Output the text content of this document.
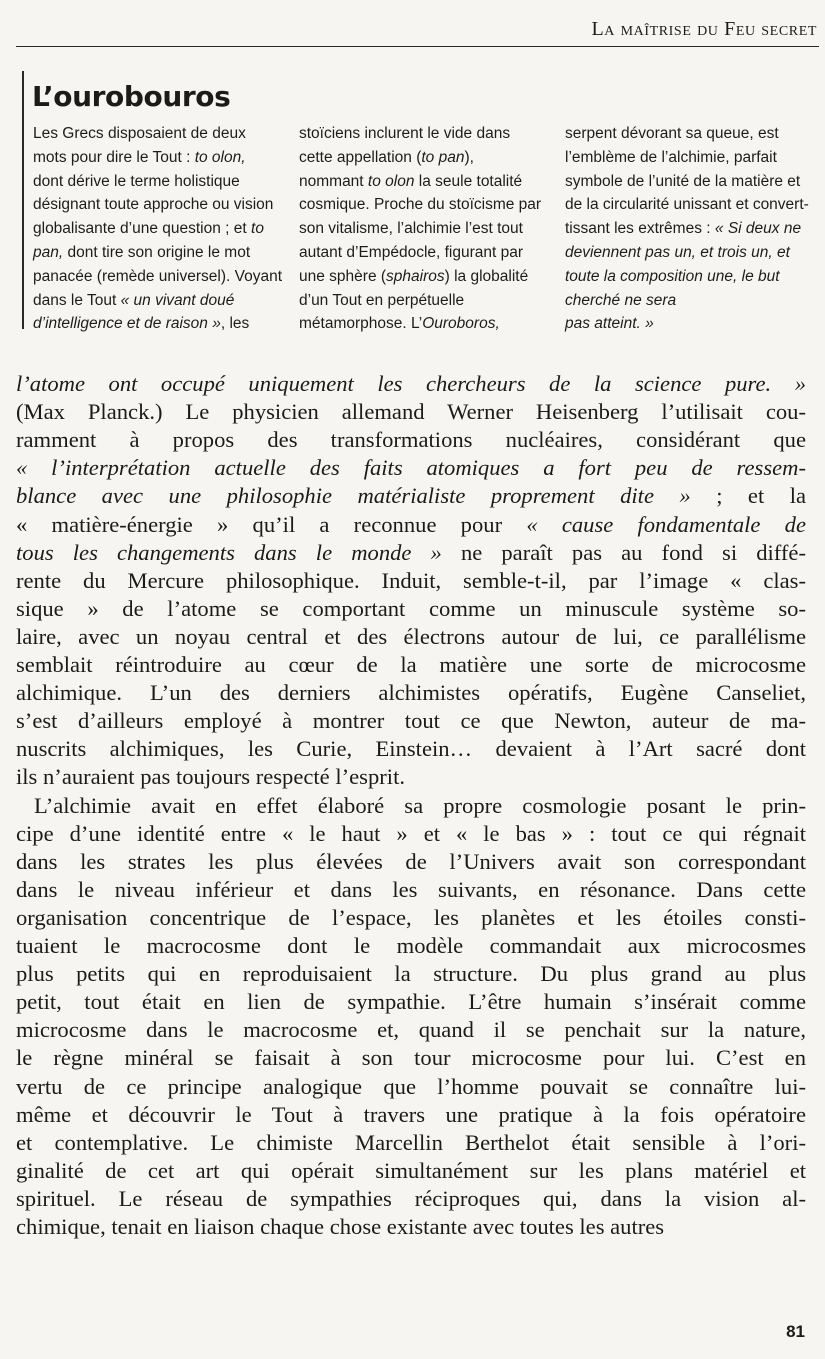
La maîtrise du Feu secret
L’ourobouros
Les Grecs disposaient de deux
mots pour dire le Tout : to olon,
dont dérive le terme holistique
désignant toute approche ou vision
globalisante d’une question ; et to
pan, dont tire son origine le mot
panacée (remède universel). Voyant
dans le Tout « un vivant doué
d’intelligence et de raison », les
stoïciens inclurent le vide dans
cette appellation (to pan),
nommant to olon la seule totalité
cosmique. Proche du stoïcisme par
son vitalisme, l’alchimie l’est tout
autant d’Empédocle, figurant par
une sphère (sphairos) la globalité
d’un Tout en perpétuelle
métamorphose. L’Ouroboros,
serpent dévorant sa queue, est
l’emblème de l’alchimie, parfait
symbole de l’unité de la matière et
de la circularité unissant et convert-
tissant les extrêmes : « Si deux ne
deviennent pas un, et trois un, et
toute la composition une, le but
cherché ne sera
pas atteint. »
l’atome ont occupé uniquement les chercheurs de la science pure. »
(Max Planck.) Le physicien allemand Werner Heisenberg l’utilisait cou-
ramment à propos des transformations nucléaires, considérant que
« l’interprétation actuelle des faits atomiques a fort peu de ressem-
blance avec une philosophie matérialiste proprement dite » ; et la
« matière-énergie » qu’il a reconnue pour « cause fondamentale de
tous les changements dans le monde » ne paraît pas au fond si diffé-
rente du Mercure philosophique. Induit, semble-t-il, par l’image « clas-
sique » de l’atome se comportant comme un minuscule système so-
laire, avec un noyau central et des électrons autour de lui, ce parallélisme
semblait réintroduire au cœur de la matière une sorte de microcosme
alchimique. L’un des derniers alchimistes opératifs, Eugène Canseliet,
s’est d’ailleurs employé à montrer tout ce que Newton, auteur de ma-
nuscrits alchimiques, les Curie, Einstein… devaient à l’Art sacré dont
ils n’auraient pas toujours respecté l’esprit.
L’alchimie avait en effet élaboré sa propre cosmologie posant le prin-
cipe d’une identité entre « le haut » et « le bas » : tout ce qui régnait
dans les strates les plus élevées de l’Univers avait son correspondant
dans le niveau inférieur et dans les suivants, en résonance. Dans cette
organisation concentrique de l’espace, les planètes et les étoiles consti-
tuaient le macrocosme dont le modèle commandait aux microcosmes
plus petits qui en reproduisaient la structure. Du plus grand au plus
petit, tout était en lien de sympathie. L’être humain s’insérait comme
microcosme dans le macrocosme et, quand il se penchait sur la nature,
le règne minéral se faisait à son tour microcosme pour lui. C’est en
vertu de ce principe analogique que l’homme pouvait se connaître lui-
même et découvrir le Tout à travers une pratique à la fois opératoire
et contemplative. Le chimiste Marcellin Berthelot était sensible à l’ori-
ginalité de cet art qui opérait simultanément sur les plans matériel et
spirituel. Le réseau de sympathies réciproques qui, dans la vision al-
chimique, tenait en liaison chaque chose existante avec toutes les autres
81
